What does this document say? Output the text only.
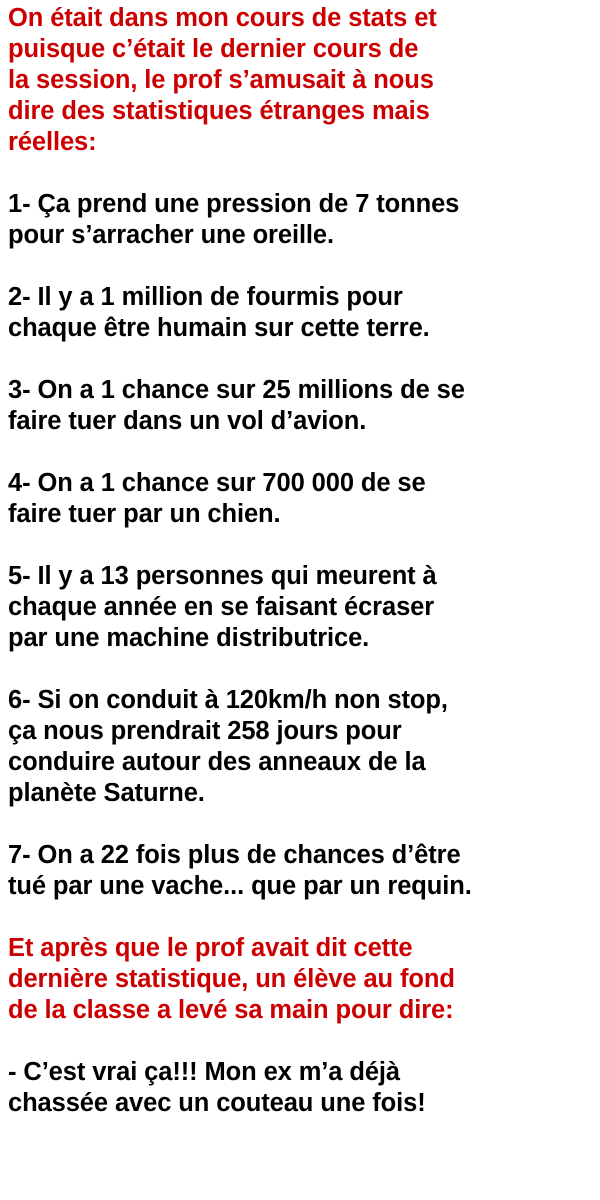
On était dans mon cours de stats et
puisque c’était le dernier cours de
la session, le prof s’amusait à nous
dire des statistiques étranges mais
réelles:

1- Ça prend une pression de 7 tonnes
pour s’arracher une oreille.

2- Il y a 1 million de fourmis pour
chaque être humain sur cette terre.

3- On a 1 chance sur 25 millions de se
faire tuer dans un vol d’avion.

4- On a 1 chance sur 700 000 de se
faire tuer par un chien.

5- Il y a 13 personnes qui meurent à
chaque année en se faisant écraser
par une machine distributrice.

6- Si on conduit à 120km/h non stop,
ça nous prendrait 258 jours pour
conduire autour des anneaux de la
planète Saturne.

7- On a 22 fois plus de chances d’être
tué par une vache... que par un requin.

Et après que le prof avait dit cette
dernière statistique, un élève au fond
de la classe a levé sa main pour dire:

- C’est vrai ça!!! Mon ex m’a déjà
chassée avec un couteau une fois!
